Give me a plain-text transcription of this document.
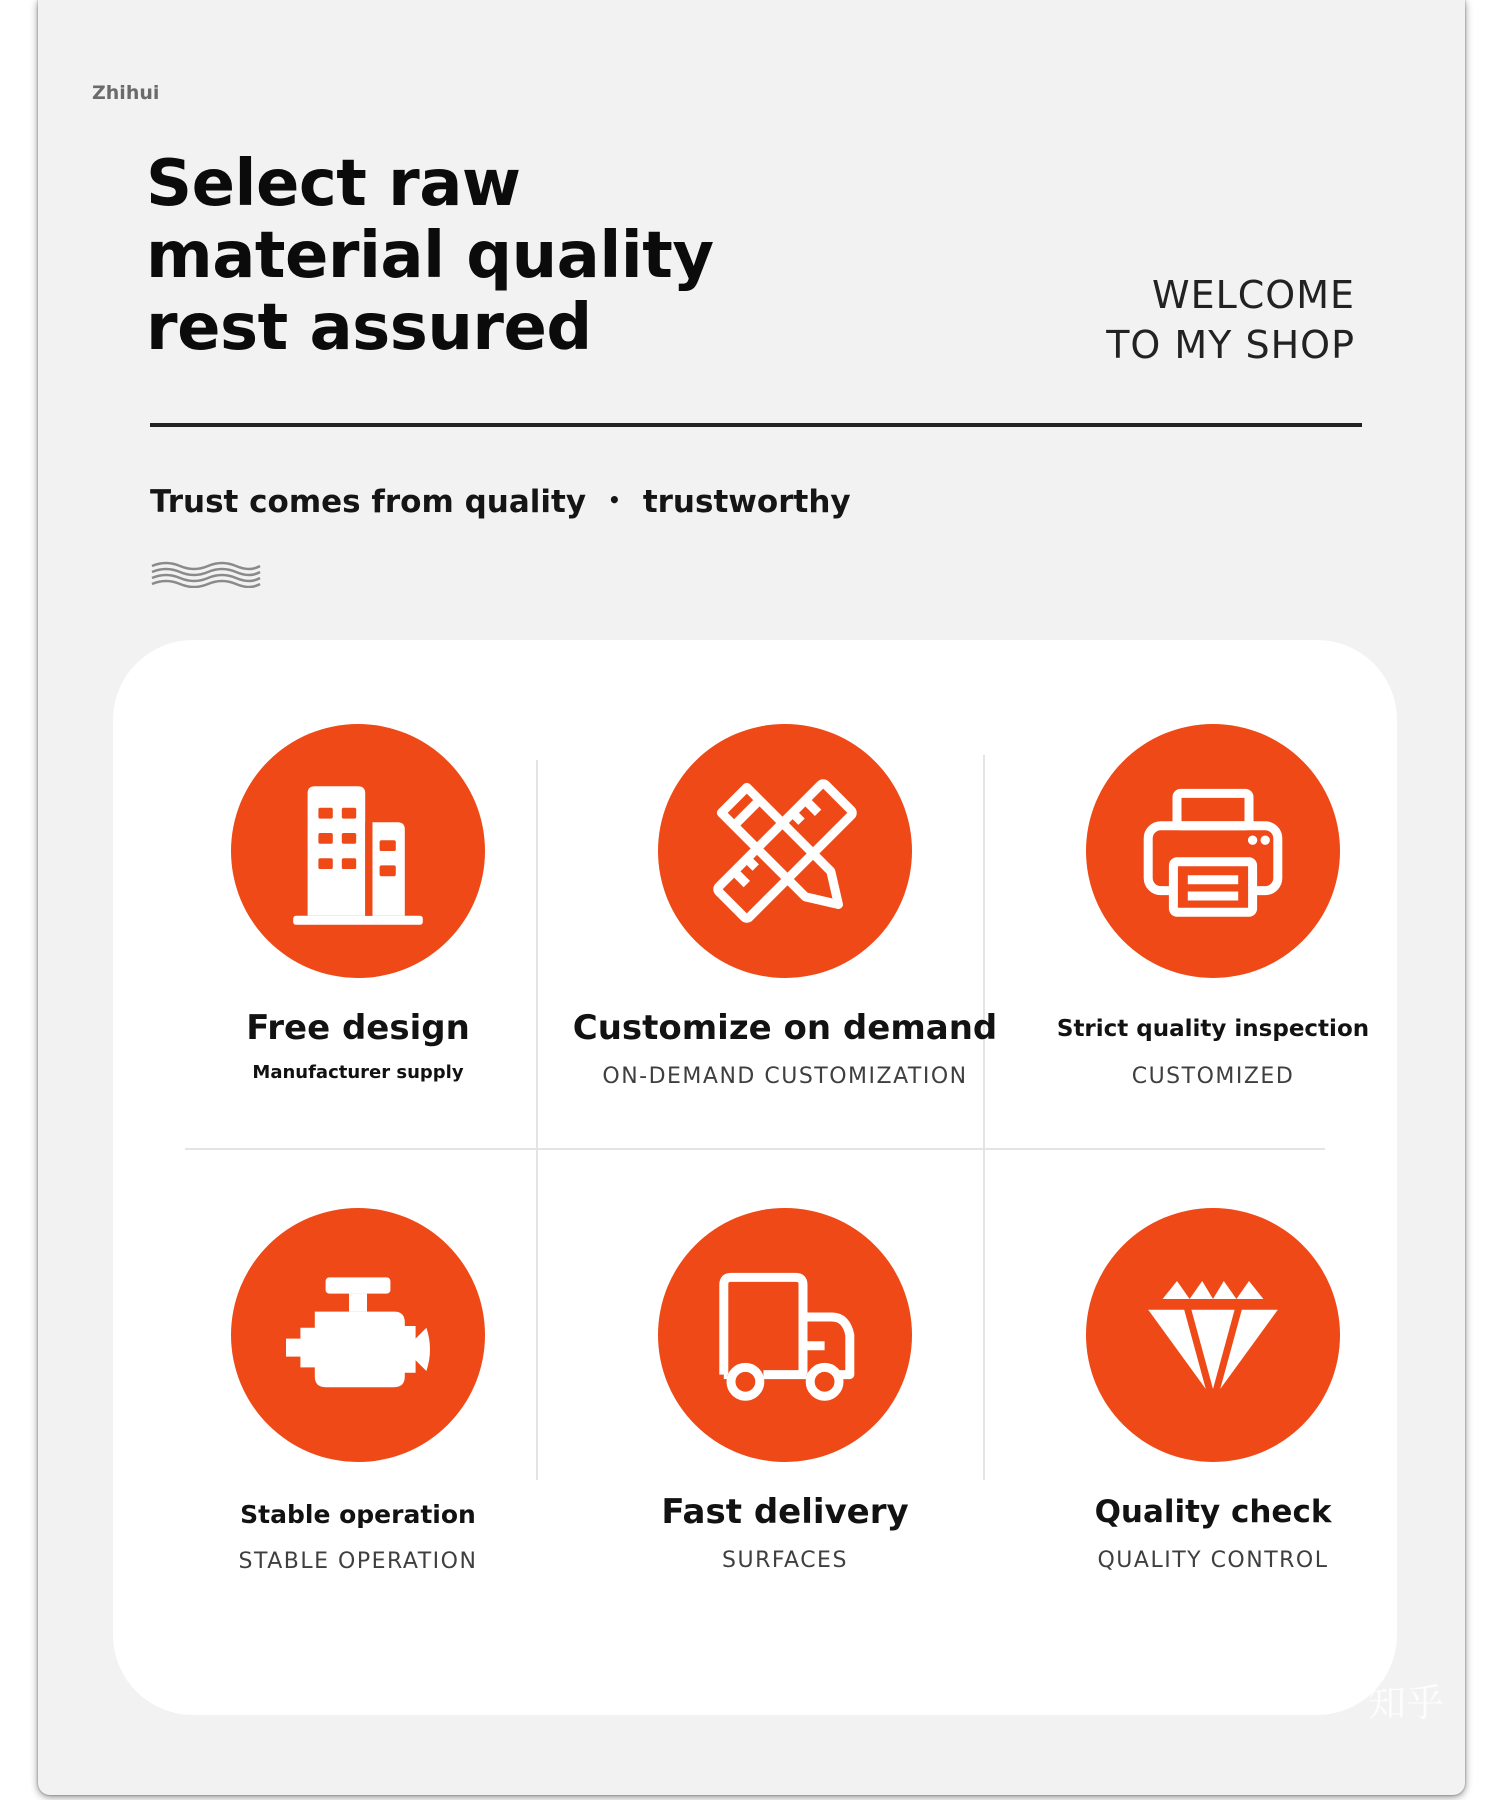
Zhihui
Select raw
material quality
rest assured	WELCOME
TO MY SHOP
Trust comes from quality • trustworthy
Free design
Manufacturer supply
Customize on demand
ON-DEMAND CUSTOMIZATION
Strict quality inspection
CUSTOMIZED
Stable operation
STABLE OPERATION
Fast delivery
SURFACES
Quality check
QUALITY CONTROL
知乎
